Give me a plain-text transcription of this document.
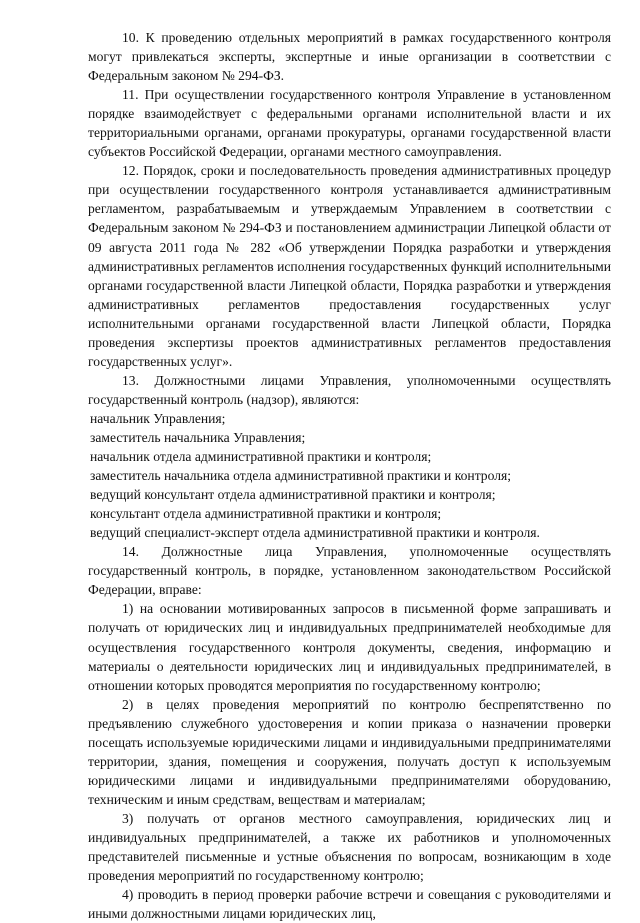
10. К проведению отдельных мероприятий в рамках государственного контроля могут привлекаться эксперты, экспертные и иные организации в соответствии с Федеральным законом № 294-ФЗ.

11. При осуществлении государственного контроля Управление в установленном порядке взаимодействует с федеральными органами исполнительной власти и их территориальными органами, органами прокуратуры, органами государственной власти субъектов Российской Федерации, органами местного самоуправления.

12. Порядок, сроки и последовательность проведения административных процедур при осуществлении государственного контроля устанавливается административным регламентом, разрабатываемым и утверждаемым Управлением в соответствии с Федеральным законом № 294-ФЗ и постановлением администрации Липецкой области от 09 августа 2011 года № 282 «Об утверждении Порядка разработки и утверждения административных регламентов исполнения государственных функций исполнительными органами государственной власти Липецкой области, Порядка разработки и утверждения административных регламентов предоставления государственных услуг исполнительными органами государственной власти Липецкой области, Порядка проведения экспертизы проектов административных регламентов предоставления государственных услуг».

13. Должностными лицами Управления, уполномоченными осуществлять государственный контроль (надзор), являются:

начальник Управления;

заместитель начальника Управления;

начальник отдела административной практики и контроля;

заместитель начальника отдела административной практики и контроля;

ведущий консультант отдела административной практики и контроля;

консультант отдела административной практики и контроля;

ведущий специалист-эксперт отдела административной практики и контроля.

14. Должностные лица Управления, уполномоченные осуществлять государственный контроль, в порядке, установленном законодательством Российской Федерации, вправе:

1) на основании мотивированных запросов в письменной форме запрашивать и получать от юридических лиц и индивидуальных предпринимателей необходимые для осуществления государственного контроля документы, сведения, информацию и материалы о деятельности юридических лиц и индивидуальных предпринимателей, в отношении которых проводятся мероприятия по государственному контролю;

2) в целях проведения мероприятий по контролю беспрепятственно по предъявлению служебного удостоверения и копии приказа о назначении проверки посещать используемые юридическими лицами и индивидуальными предпринимателями территории, здания, помещения и сооружения, получать доступ к используемым юридическими лицами и индивидуальными предпринимателями оборудованию, техническим и иным средствам, веществам и материалам;

3) получать от органов местного самоуправления, юридических лиц и индивидуальных предпринимателей, а также их работников и уполномоченных представителей письменные и устные объяснения по вопросам, возникающим в ходе проведения мероприятий по государственному контролю;

4) проводить в период проверки рабочие встречи и совещания с руководителями и иными должностными лицами юридических лиц,
